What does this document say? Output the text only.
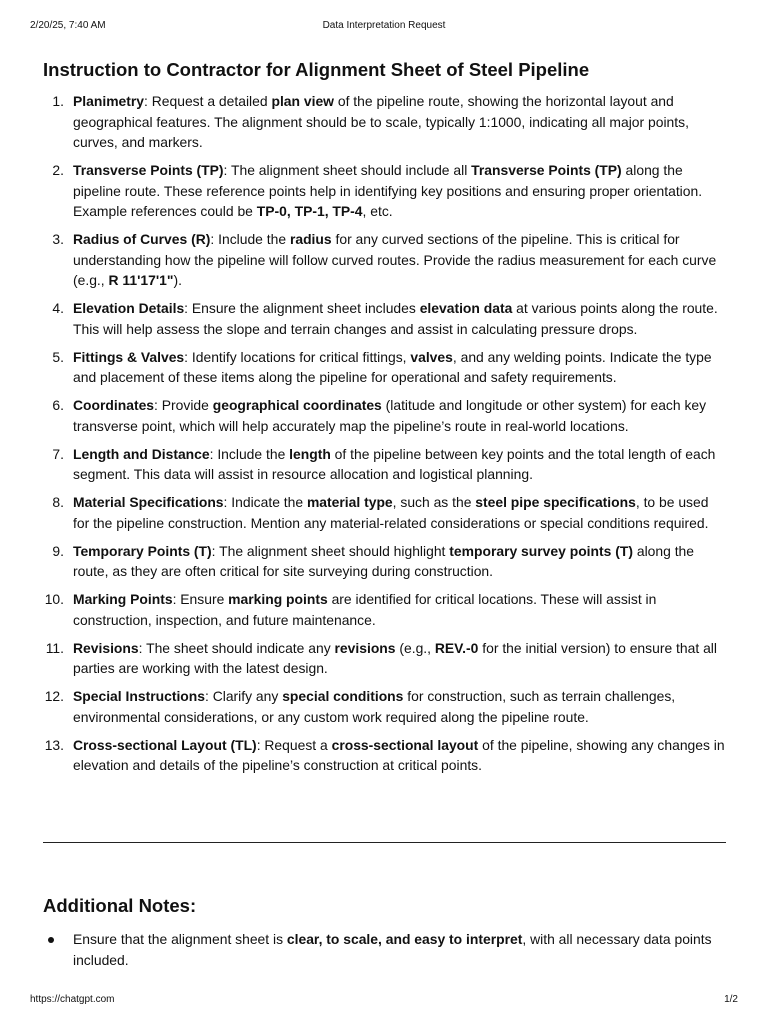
2/20/25, 7:40 AM	Data Interpretation Request
Instruction to Contractor for Alignment Sheet of Steel Pipeline
1. Planimetry: Request a detailed plan view of the pipeline route, showing the horizontal layout and geographical features. The alignment should be to scale, typically 1:1000, indicating all major points, curves, and markers.
2. Transverse Points (TP): The alignment sheet should include all Transverse Points (TP) along the pipeline route. These reference points help in identifying key positions and ensuring proper orientation. Example references could be TP-0, TP-1, TP-4, etc.
3. Radius of Curves (R): Include the radius for any curved sections of the pipeline. This is critical for understanding how the pipeline will follow curved routes. Provide the radius measurement for each curve (e.g., R 11'17'1").
4. Elevation Details: Ensure the alignment sheet includes elevation data at various points along the route. This will help assess the slope and terrain changes and assist in calculating pressure drops.
5. Fittings & Valves: Identify locations for critical fittings, valves, and any welding points. Indicate the type and placement of these items along the pipeline for operational and safety requirements.
6. Coordinates: Provide geographical coordinates (latitude and longitude or other system) for each key transverse point, which will help accurately map the pipeline’s route in real-world locations.
7. Length and Distance: Include the length of the pipeline between key points and the total length of each segment. This data will assist in resource allocation and logistical planning.
8. Material Specifications: Indicate the material type, such as the steel pipe specifications, to be used for the pipeline construction. Mention any material-related considerations or special conditions required.
9. Temporary Points (T): The alignment sheet should highlight temporary survey points (T) along the route, as they are often critical for site surveying during construction.
10. Marking Points: Ensure marking points are identified for critical locations. These will assist in construction, inspection, and future maintenance.
11. Revisions: The sheet should indicate any revisions (e.g., REV.-0 for the initial version) to ensure that all parties are working with the latest design.
12. Special Instructions: Clarify any special conditions for construction, such as terrain challenges, environmental considerations, or any custom work required along the pipeline route.
13. Cross-sectional Layout (TL): Request a cross-sectional layout of the pipeline, showing any changes in elevation and details of the pipeline’s construction at critical points.
Additional Notes:
Ensure that the alignment sheet is clear, to scale, and easy to interpret, with all necessary data points included.
https://chatgpt.com	1/2
